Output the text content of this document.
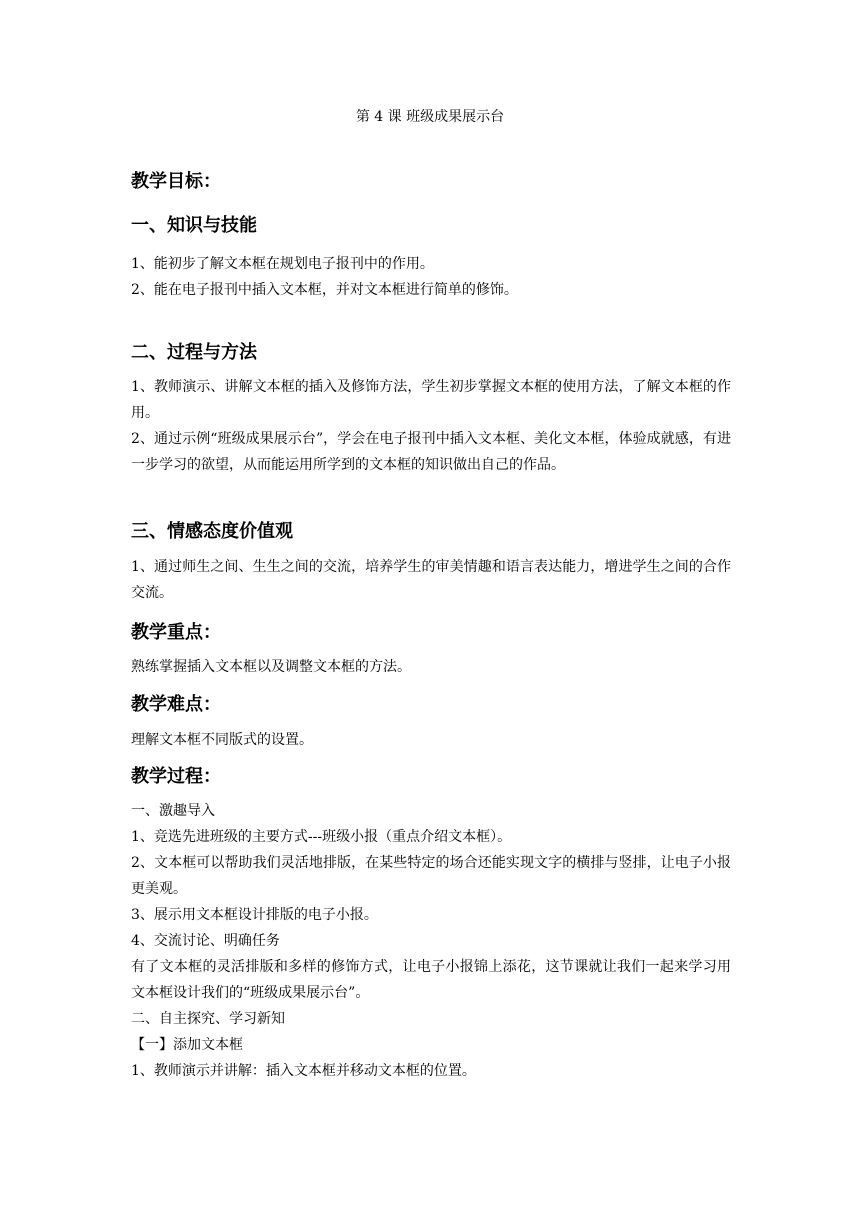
第 4 课 班级成果展示台
教学目标：
一、知识与技能
1、能初步了解文本框在规划电子报刊中的作用。
2、能在电子报刊中插入文本框，并对文本框进行简单的修饰。
二、过程与方法
1、教师演示、讲解文本框的插入及修饰方法，学生初步掌握文本框的使用方法，了解文本框的作用。
2、通过示例“班级成果展示台”，学会在电子报刊中插入文本框、美化文本框，体验成就感，有进一步学习的欲望，从而能运用所学到的文本框的知识做出自己的作品。
三、情感态度价值观
1、通过师生之间、生生之间的交流，培养学生的审美情趣和语言表达能力，增进学生之间的合作交流。
教学重点：
熟练掌握插入文本框以及调整文本框的方法。
教学难点：
理解文本框不同版式的设置。
教学过程：
一、激趣导入
1、竞选先进班级的主要方式---班级小报（重点介绍文本框）。
2、文本框可以帮助我们灵活地排版，在某些特定的场合还能实现文字的横排与竖排，让电子小报更美观。
3、展示用文本框设计排版的电子小报。
4、交流讨论、明确任务
有了文本框的灵活排版和多样的修饰方式，让电子小报锦上添花，这节课就让我们一起来学习用文本框设计我们的“班级成果展示台”。
二、自主探究、学习新知
【一】添加文本框
1、教师演示并讲解：插入文本框并移动文本框的位置。
